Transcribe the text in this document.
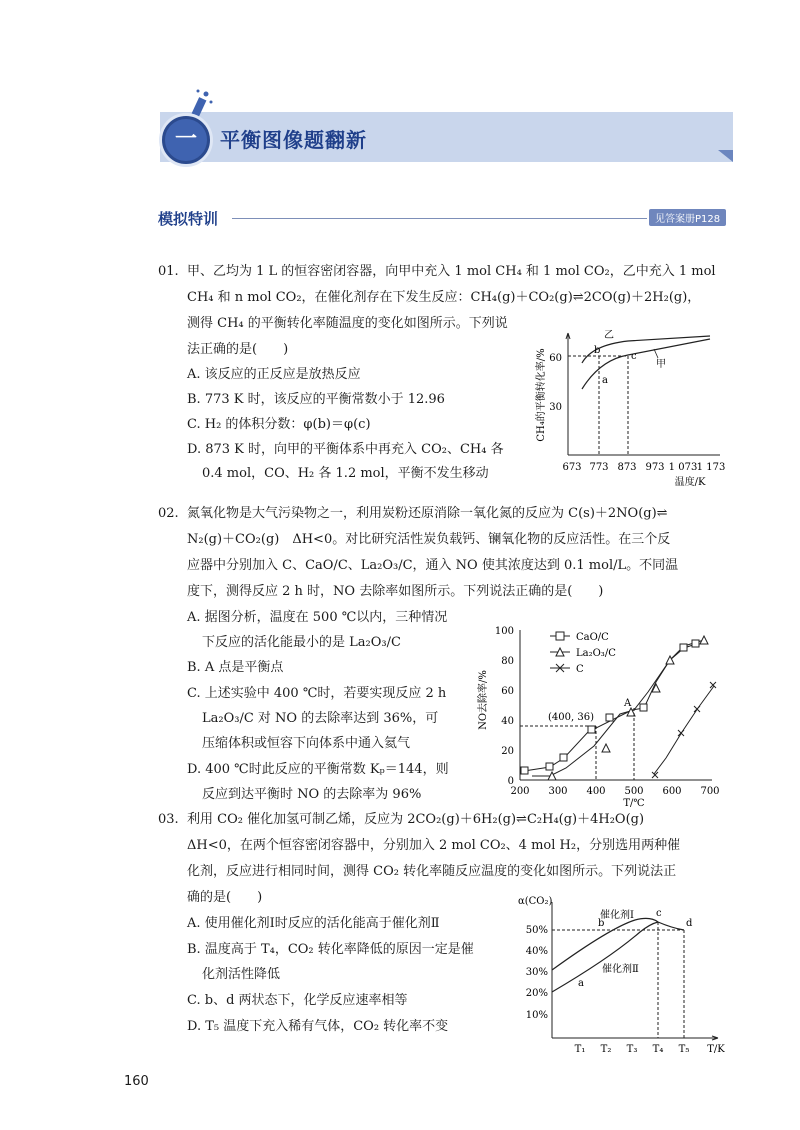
一	平衡图像题翻新
模拟特训	见答案册P128
01. 甲、乙均为 1 L 的恒容密闭容器，向甲中充入 1 mol CH₄ 和 1 mol CO₂，乙中充入 1 mol
CH₄ 和 n mol CO₂，在催化剂存在下发生反应：CH₄(g)＋CO₂(g)⇌2CO(g)＋2H₂(g)，
测得 CH₄ 的平衡转化率随温度的变化如图所示。下列说
法正确的是(　　)
A. 该反应的正反应是放热反应
B. 773 K 时，该反应的平衡常数小于 12.96
C. H₂ 的体积分数：φ(b)＝φ(c)
D. 873 K 时，向甲的平衡体系中再充入 CO₂、CH₄ 各
0.4 mol，CO、H₂ 各 1.2 mol，平衡不发生移动
CH₄的平衡转化率/% 60
30
673 773 873 973 1 073 1 173
温度/K
b
c
a
乙
甲
02. 氮氧化物是大气污染物之一，利用炭粉还原消除一氧化氮的反应为 C(s)＋2NO(g)⇌
N₂(g)＋CO₂(g)　ΔH<0。对比研究活性炭负载钙、镧氧化物的反应活性。在三个反
应器中分别加入 C、CaO/C、La₂O₃/C，通入 NO 使其浓度达到 0.1 mol/L。不同温
度下，测得反应 2 h 时，NO 去除率如图所示。下列说法正确的是(　　)
A. 据图分析，温度在 500 ℃以内，三种情况
下反应的活化能最小的是 La₂O₃/C
B. A 点是平衡点
C. 上述实验中 400 ℃时，若要实现反应 2 h
La₂O₃/C 对 NO 的去除率达到 36%，可
压缩体积或恒容下向体系中通入氦气
D. 400 ℃时此反应的平衡常数 Kₚ＝144，则
反应到达平衡时 NO 的去除率为 96%
NO去除率/%
0
20
40
60
80
100
200 300 400 500 600 700
T/℃
CaO/C
La₂O₃/C
C
(400, 36)
A
03. 利用 CO₂ 催化加氢可制乙烯，反应为 2CO₂(g)＋6H₂(g)⇌C₂H₄(g)＋4H₂O(g)
ΔH<0，在两个恒容密闭容器中，分别加入 2 mol CO₂、4 mol H₂，分别选用两种催
化剂，反应进行相同时间，测得 CO₂ 转化率随反应温度的变化如图所示。下列说法正
确的是(　　)
A. 使用催化剂Ⅰ时反应的活化能高于催化剂Ⅱ
B. 温度高于 T₄，CO₂ 转化率降低的原因一定是催
化剂活性降低
C. b、d 两状态下，化学反应速率相等
D. T₅ 温度下充入稀有气体，CO₂ 转化率不变
α(CO₂)
10%
20%
30%
40%
50%
T₁ T₂ T₃ T₄ T₅ T/K
催化剂Ⅰ
催化剂Ⅱ
a
b
c
d
160
